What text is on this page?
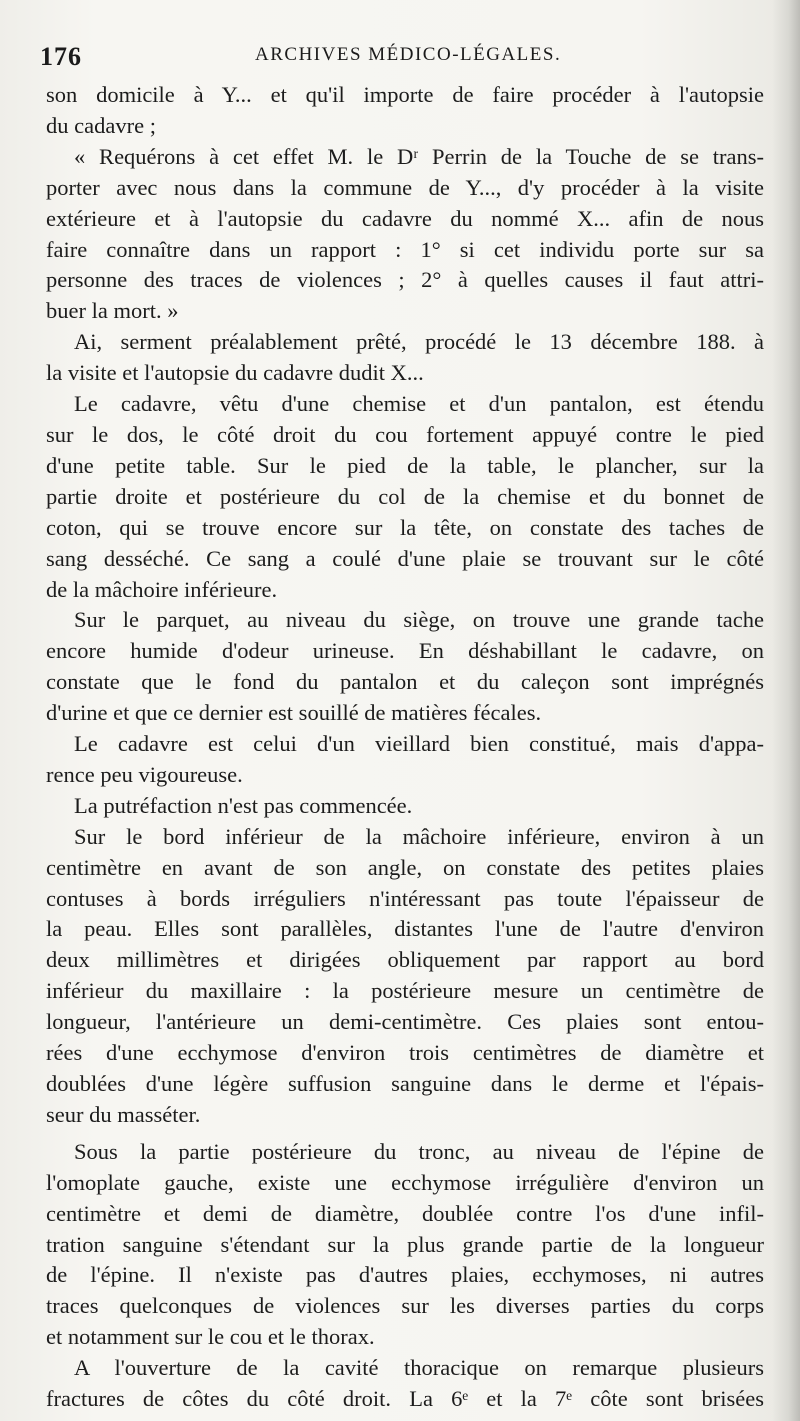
176	ARCHIVES MÉDICO-LÉGALES.
son domicile à Y... et qu'il importe de faire procéder à l'autopsie
du cadavre ;
« Requérons à cet effet M. le Dʳ Perrin de la Touche de se trans-
porter avec nous dans la commune de Y..., d'y procéder à la visite
extérieure et à l'autopsie du cadavre du nommé X... afin de nous
faire connaître dans un rapport : 1° si cet individu porte sur sa
personne des traces de violences ; 2° à quelles causes il faut attri-
buer la mort. »
Ai, serment préalablement prêté, procédé le 13 décembre 188. à
la visite et l'autopsie du cadavre dudit X...
Le cadavre, vêtu d'une chemise et d'un pantalon, est étendu
sur le dos, le côté droit du cou fortement appuyé contre le pied
d'une petite table. Sur le pied de la table, le plancher, sur la
partie droite et postérieure du col de la chemise et du bonnet de
coton, qui se trouve encore sur la tête, on constate des taches de
sang desséché. Ce sang a coulé d'une plaie se trouvant sur le côté
de la mâchoire inférieure.
Sur le parquet, au niveau du siège, on trouve une grande tache
encore humide d'odeur urineuse. En déshabillant le cadavre, on
constate que le fond du pantalon et du caleçon sont imprégnés
d'urine et que ce dernier est souillé de matières fécales.
Le cadavre est celui d'un vieillard bien constitué, mais d'appa-
rence peu vigoureuse.
La putréfaction n'est pas commencée.
Sur le bord inférieur de la mâchoire inférieure, environ à un
centimètre en avant de son angle, on constate des petites plaies
contuses à bords irréguliers n'intéressant pas toute l'épaisseur de
la peau. Elles sont parallèles, distantes l'une de l'autre d'environ
deux millimètres et dirigées obliquement par rapport au bord
inférieur du maxillaire : la postérieure mesure un centimètre de
longueur, l'antérieure un demi-centimètre. Ces plaies sont entou-
rées d'une ecchymose d'environ trois centimètres de diamètre et
doublées d'une légère suffusion sanguine dans le derme et l'épais-
seur du masséter.
Sous la partie postérieure du tronc, au niveau de l'épine de
l'omoplate gauche, existe une ecchymose irrégulière d'environ un
centimètre et demi de diamètre, doublée contre l'os d'une infil-
tration sanguine s'étendant sur la plus grande partie de la longueur
de l'épine. Il n'existe pas d'autres plaies, ecchymoses, ni autres
traces quelconques de violences sur les diverses parties du corps
et notamment sur le cou et le thorax.
A l'ouverture de la cavité thoracique on remarque plusieurs
fractures de côtes du côté droit. La 6ᵉ et la 7ᵉ côte sont brisées
